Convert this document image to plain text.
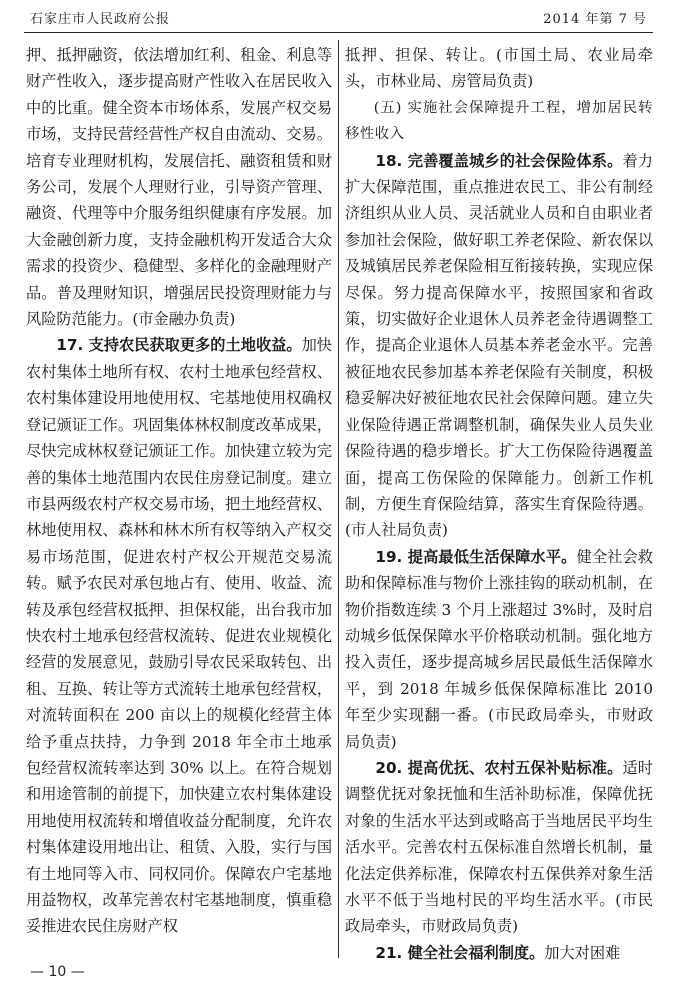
石家庄市人民政府公报	2014 年第 7 号

押、抵押融资，依法增加红利、租金、利息等财产性收入，逐步提高财产性收入在居民收入中的比重。健全资本市场体系，发展产权交易市场，支持民营经营性产权自由流动、交易。培育专业理财机构，发展信托、融资租赁和财务公司，发展个人理财行业，引导资产管理、融资、代理等中介服务组织健康有序发展。加大金融创新力度，支持金融机构开发适合大众需求的投资少、稳健型、多样化的金融理财产品。普及理财知识，增强居民投资理财能力与风险防范能力。(市金融办负责)

17. 支持农民获取更多的土地收益。加快农村集体土地所有权、农村土地承包经营权、农村集体建设用地使用权、宅基地使用权确权登记颁证工作。巩固集体林权制度改革成果，尽快完成林权登记颁证工作。加快建立较为完善的集体土地范围内农民住房登记制度。建立市县两级农村产权交易市场，把土地经营权、林地使用权、森林和林木所有权等纳入产权交易市场范围，促进农村产权公开规范交易流转。赋予农民对承包地占有、使用、收益、流转及承包经营权抵押、担保权能，出台我市加快农村土地承包经营权流转、促进农业规模化经营的发展意见，鼓励引导农民采取转包、出租、互换、转让等方式流转土地承包经营权，对流转面积在 200 亩以上的规模化经营主体给予重点扶持，力争到 2018 年全市土地承包经营权流转率达到 30% 以上。在符合规划和用途管制的前提下，加快建立农村集体建设用地使用权流转和增值收益分配制度，允许农村集体建设用地出让、租赁、入股，实行与国有土地同等入市、同权同价。保障农户宅基地用益物权，改革完善农村宅基地制度，慎重稳妥推进农民住房财产权

抵押、担保、转让。(市国土局、农业局牵头，市林业局、房管局负责)

(五) 实施社会保障提升工程，增加居民转移性收入

18. 完善覆盖城乡的社会保险体系。着力扩大保障范围，重点推进农民工、非公有制经济组织从业人员、灵活就业人员和自由职业者参加社会保险，做好职工养老保险、新农保以及城镇居民养老保险相互衔接转换，实现应保尽保。努力提高保障水平，按照国家和省政策，切实做好企业退休人员养老金待遇调整工作，提高企业退休人员基本养老金水平。完善被征地农民参加基本养老保险有关制度，积极稳妥解决好被征地农民社会保障问题。建立失业保险待遇正常调整机制，确保失业人员失业保险待遇的稳步增长。扩大工伤保险待遇覆盖面，提高工伤保险的保障能力。创新工作机制，方便生育保险结算，落实生育保险待遇。(市人社局负责)

19. 提高最低生活保障水平。健全社会救助和保障标准与物价上涨挂钩的联动机制，在物价指数连续 3 个月上涨超过 3%时，及时启动城乡低保保障水平价格联动机制。强化地方投入责任，逐步提高城乡居民最低生活保障水平，到 2018 年城乡低保保障标准比 2010 年至少实现翻一番。(市民政局牵头，市财政局负责)

20. 提高优抚、农村五保补贴标准。适时调整优抚对象抚恤和生活补助标准，保障优抚对象的生活水平达到或略高于当地居民平均生活水平。完善农村五保标准自然增长机制，量化法定供养标准，保障农村五保供养对象生活水平不低于当地村民的平均生活水平。(市民政局牵头，市财政局负责)

21. 健全社会福利制度。加大对困难

— 10 —
